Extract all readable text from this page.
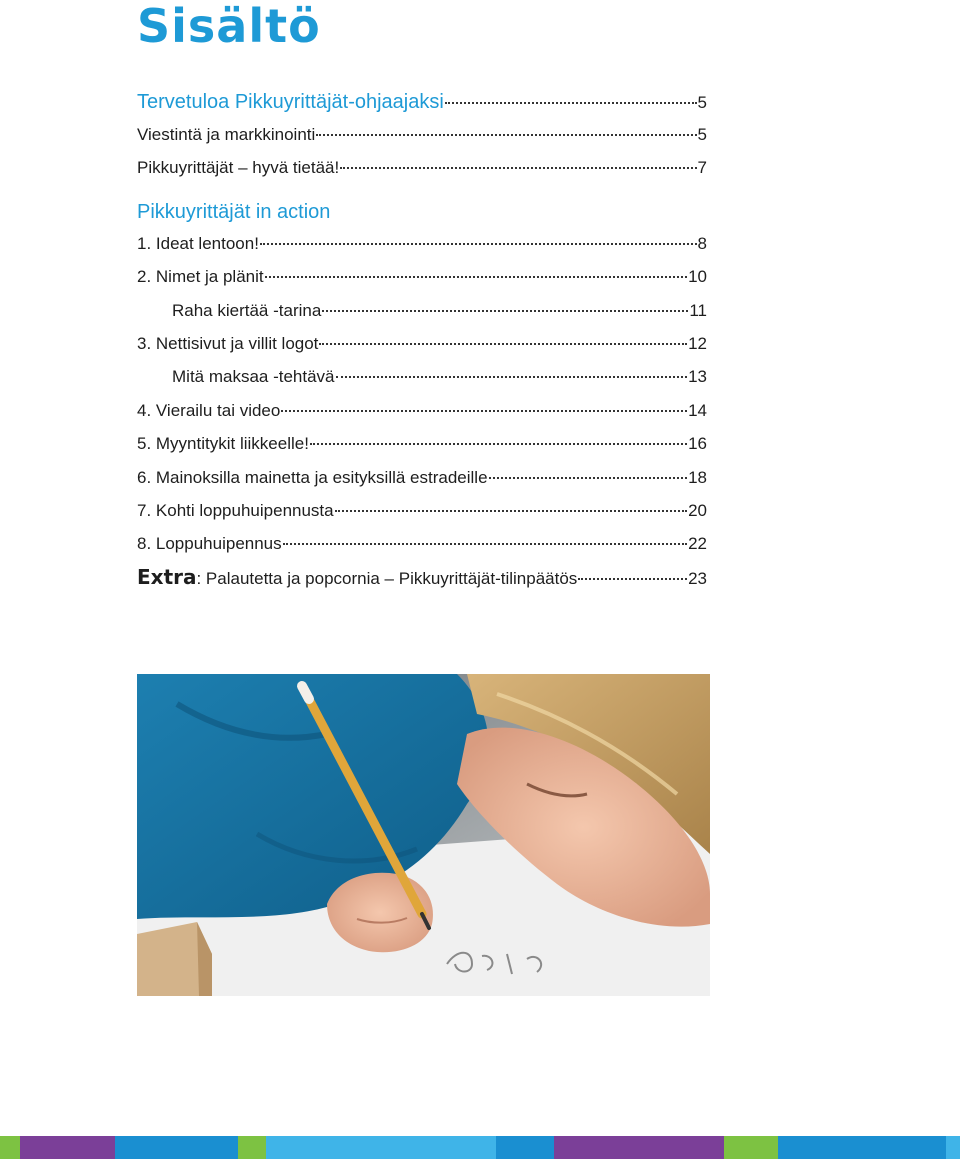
Sisältö
Tervetuloa Pikkuyrittäjät-ohjaajaksi	5
Viestintä ja markkinointi	5
Pikkuyrittäjät – hyvä tietää!	7
Pikkuyrittäjät in action
1. Ideat lentoon!	8
2. Nimet ja plänit	10
Raha kiertää -tarina	11
3. Nettisivut ja villit logot	12
Mitä maksaa -tehtävä	13
4. Vierailu tai video	14
5. Myyntitykit liikkeelle!	16
6. Mainoksilla mainetta ja esityksillä estradeille	18
7. Kohti loppuhuipennusta	20
8. Loppuhuipennus	22
Extra: Palautetta ja popcornia – Pikkuyrittäjät-tilinpäätös	23
